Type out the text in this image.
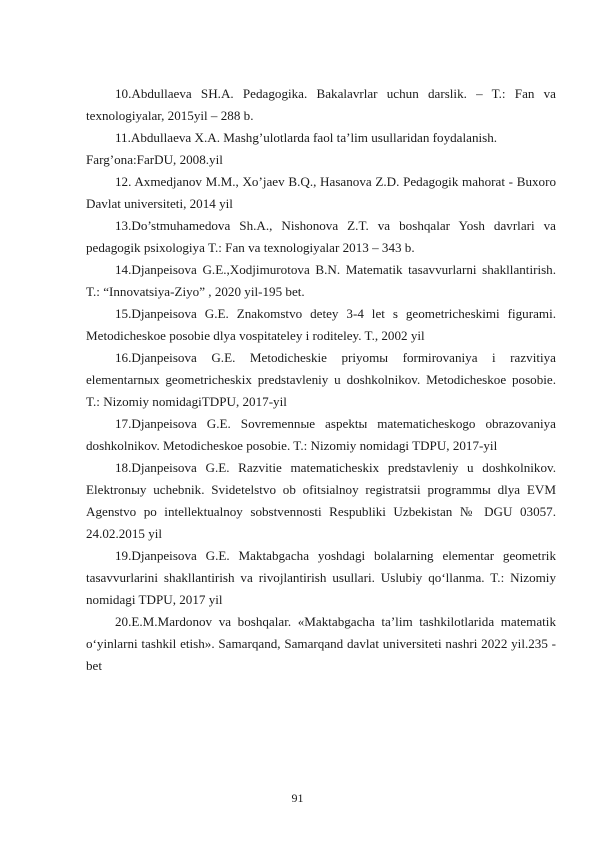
10.Abdullaeva SH.A. Pedagogika. Bakalavrlar uchun darslik. – T.: Fan va texnologiyalar, 2015yil – 288 b.

11.Abdullaeva X.A. Mashg’ulotlarda faol ta’lim usullaridan foydalanish.

Farg’ona:FarDU, 2008.yil

12. Axmedjanov M.M., Xo’jaev B.Q., Hasanova Z.D. Pedagogik mahorat - Buxoro Davlat universiteti, 2014 yil

13.Do’stmuhamedova Sh.A., Nishonova Z.T. va boshqalar Yosh davrlari va pedagogik psixologiya T.: Fan va texnologiyalar 2013 – 343 b.

14.Djanpeisova G.E.,Xodjimurotova B.N. Matematik tasavvurlarni shakllantirish. T.: “Innovatsiya-Ziyo” , 2020 yil-195 bet.

15.Djanpeisova G.E. Znakomstvo detey 3-4 let s geometricheskimi figurami. Metodicheskoe posobie dlya vospitateley i roditeley. T., 2002 yil

16.Djanpeisova G.E. Metodicheskie priyomы formirovaniya i razvitiya elementarnыx geometricheskix predstavleniy u doshkolnikov. Metodicheskoe posobie. T.: Nizomiy nomidagiTDPU, 2017-yil

17.Djanpeisova G.E. Sovremennыe aspektы matematicheskogo obrazovaniya doshkolnikov. Metodicheskoe posobie. T.: Nizomiy nomidagi TDPU, 2017-yil

18.Djanpeisova G.E. Razvitie matematicheskix predstavleniy u doshkolnikov. Elektronыy uchebnik. Svidetelstvo ob ofitsialnoy registratsii programmы dlya EVM Agenstvo po intellektualnoy sobstvennosti Respubliki Uzbekistan № DGU 03057. 24.02.2015 yil

19.Djanpeisova G.E. Maktabgacha yoshdagi bolalarning elementar geometrik tasavvurlarini shakllantirish va rivojlantirish usullari. Uslubiy qo‘llanma. T.: Nizomiy nomidagi TDPU, 2017 yil

20.E.M.Mardonov va boshqalar. «Maktabgacha ta’lim tashkilotlarida matematik o‘yinlarni tashkil etish». Samarqand, Samarqand davlat universiteti nashri 2022 yil.235 -bet

91
